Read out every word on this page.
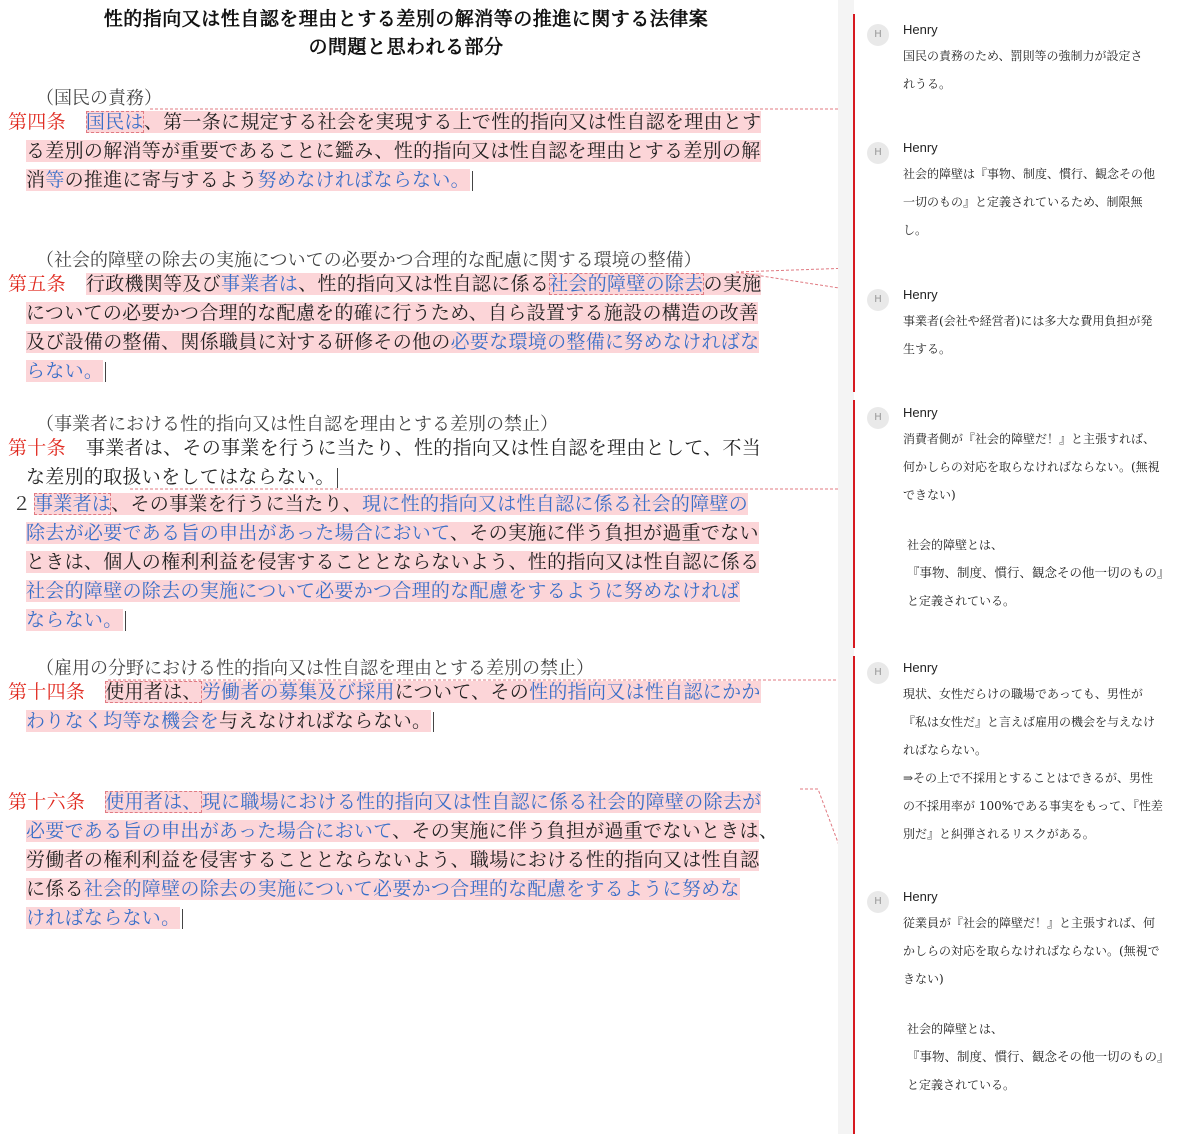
性的指向又は性自認を理由とする差別の解消等の推進に関する法律案
の問題と思われる部分
（国民の責務）
第四条 国民は、第一条に規定する社会を実現する上で性的指向又は性自認を理由とす
る差別の解消等が重要であることに鑑み、性的指向又は性自認を理由とする差別の解
消等の推進に寄与するよう努めなければならない。
（社会的障壁の除去の実施についての必要かつ合理的な配慮に関する環境の整備）
第五条 行政機関等及び事業者は、性的指向又は性自認に係る社会的障壁の除去の実施
についての必要かつ合理的な配慮を的確に行うため、自ら設置する施設の構造の改善
及び設備の整備、関係職員に対する研修その他の必要な環境の整備に努めなければな
らない。
（事業者における性的指向又は性自認を理由とする差別の禁止）
第十条 事業者は、その事業を行うに当たり、性的指向又は性自認を理由として、不当
な差別的取扱いをしてはならない。
２ 事業者は、その事業を行うに当たり、現に性的指向又は性自認に係る社会的障壁の
除去が必要である旨の申出があった場合において、その実施に伴う負担が過重でない
ときは、個人の権利利益を侵害することとならないよう、性的指向又は性自認に係る
社会的障壁の除去の実施について必要かつ合理的な配慮をするように努めなければ
ならない。
（雇用の分野における性的指向又は性自認を理由とする差別の禁止）
第十四条 使用者は、労働者の募集及び採用について、その性的指向又は性自認にかか
わりなく均等な機会を与えなければならない。
第十六条 使用者は、現に職場における性的指向又は性自認に係る社会的障壁の除去が
必要である旨の申出があった場合において、その実施に伴う負担が過重でないときは、
労働者の権利利益を侵害することとならないよう、職場における性的指向又は性自認
に係る社会的障壁の除去の実施について必要かつ合理的な配慮をするように努めな
ければならない。
H	Henry

国民の責務のため、罰則等の強制力が設定さ

れうる。

H	Henry

社会的障壁は『事物、制度、慣行、観念その他

一切のもの』と定義されているため、制限無

し。

H	Henry

事業者(会社や経営者)には多大な費用負担が発

生する。

H	Henry

消費者側が『社会的障壁だ！』と主張すれば、

何かしらの対応を取らなければならない。(無視

できない)

社会的障壁とは、

『事物、制度、慣行、観念その他一切のもの』

と定義されている。

H	Henry

現状、女性だらけの職場であっても、男性が

『私は女性だ』と言えば雇用の機会を与えなけ

ればならない。

⇒その上で不採用とすることはできるが、男性

の不採用率が 100%である事実をもって、『性差

別だ』と糾弾されるリスクがある。

H	Henry

従業員が『社会的障壁だ！』と主張すれば、何

かしらの対応を取らなければならない。(無視で

きない)

社会的障壁とは、

『事物、制度、慣行、観念その他一切のもの』

と定義されている。
